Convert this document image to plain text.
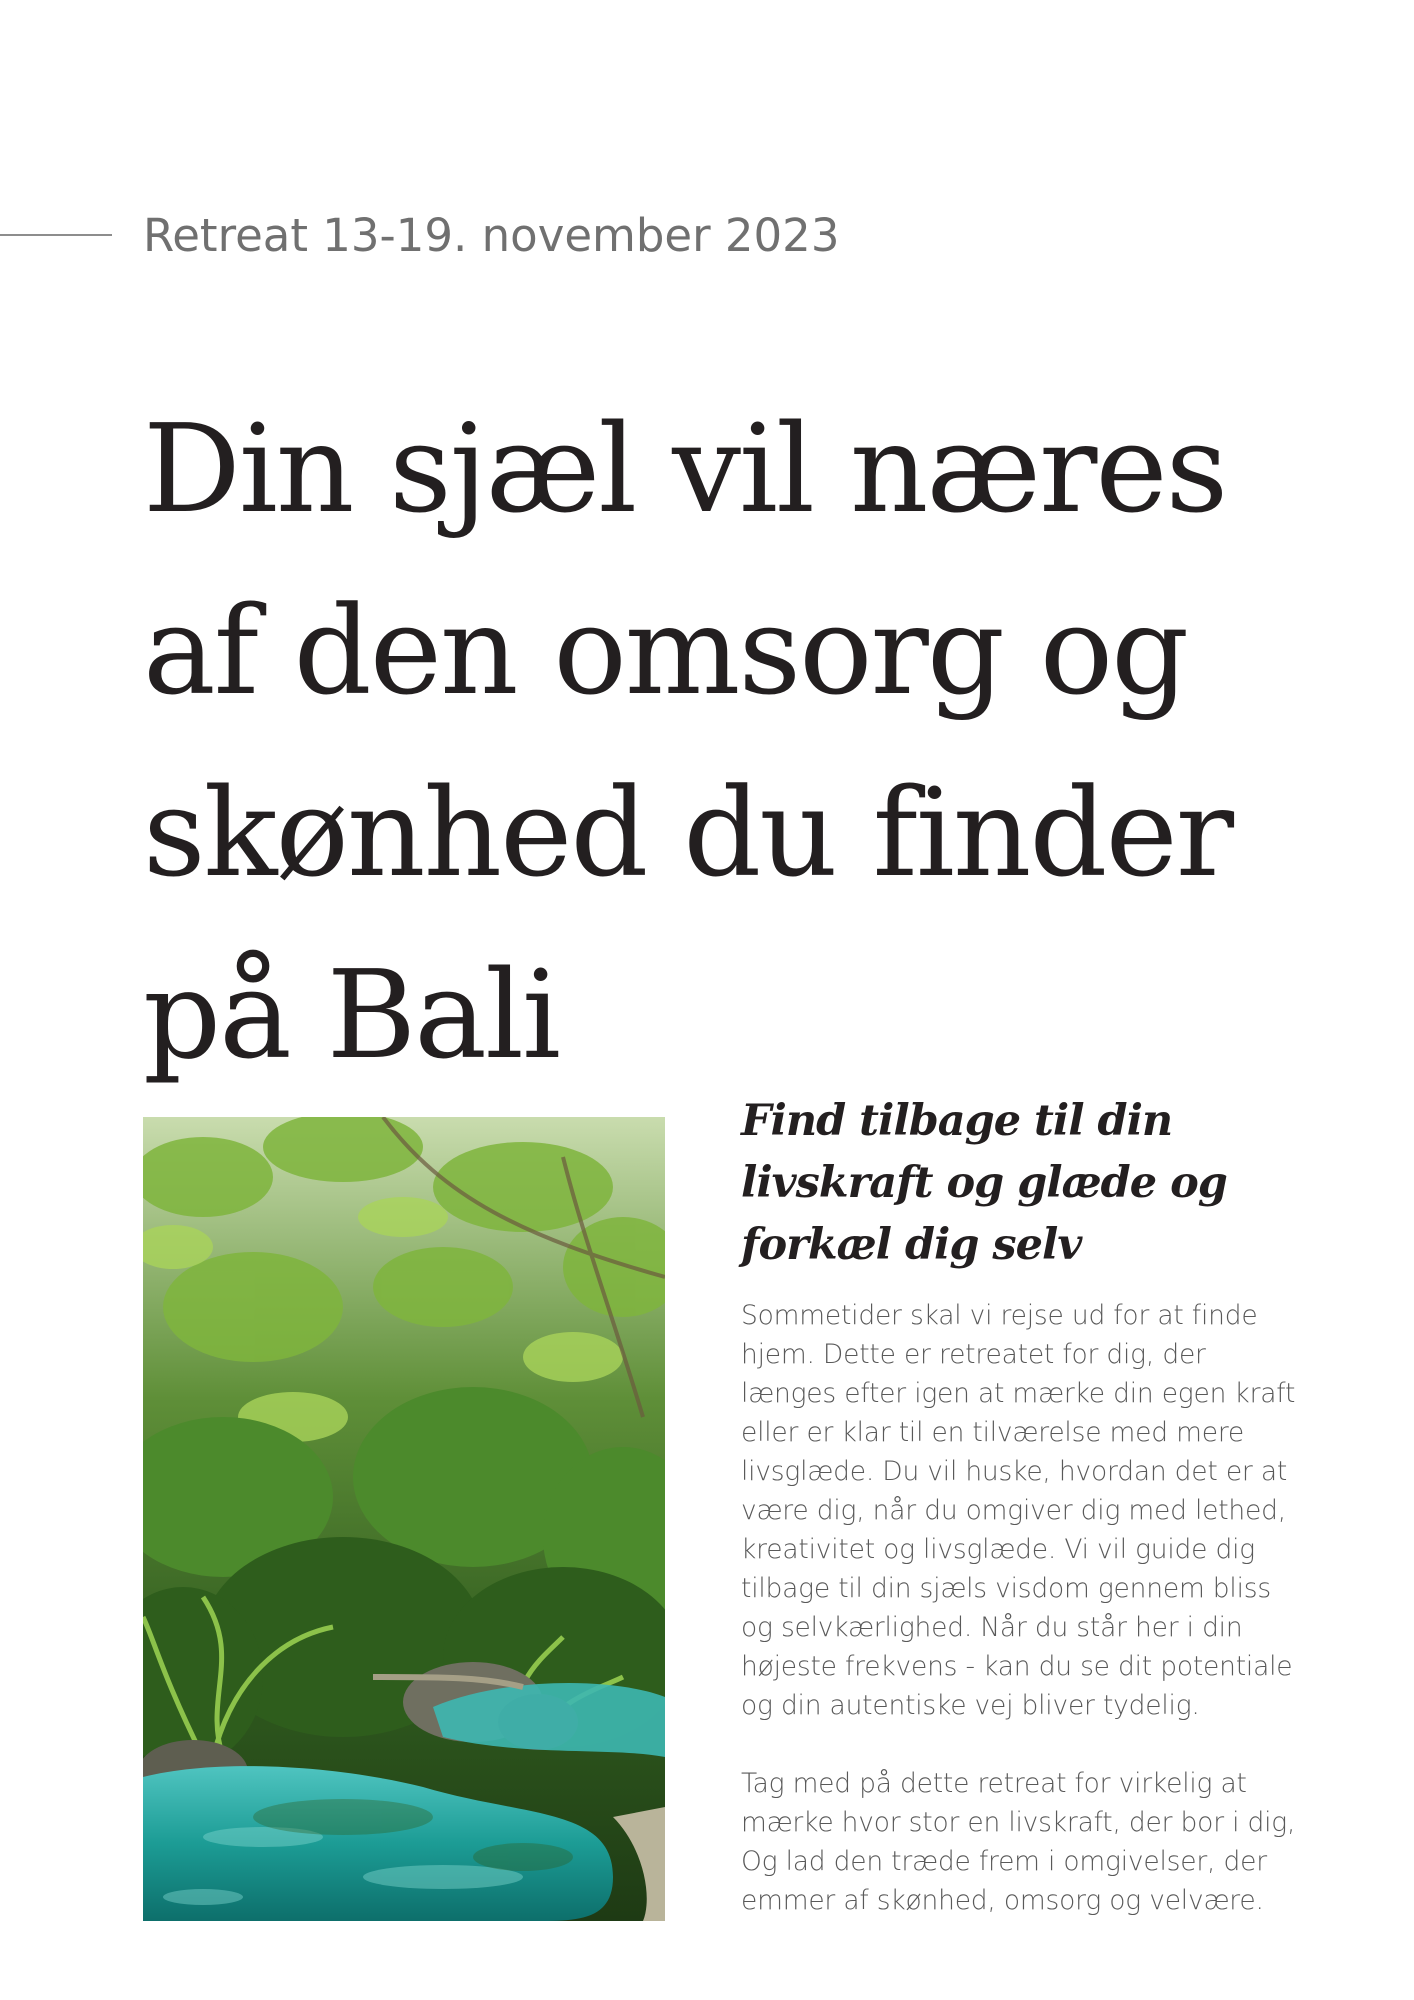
Retreat 13-19. november 2023
Din sjæl vil næres af den omsorg og skønhed du finder på Bali
Find tilbage til din livskraft og glæde og forkæl dig selv

Sommetider skal vi rejse ud for at finde hjem. Dette er retreatet for dig, der længes efter igen at mærke din egen kraft eller er klar til en tilværelse med mere livsglæde. Du vil huske, hvordan det er at være dig, når du omgiver dig med lethed, kreativitet og livsglæde. Vi vil guide dig tilbage til din sjæls visdom gennem bliss og selvkærlighed. Når du står her i din højeste frekvens - kan du se dit potentiale og din autentiske vej bliver tydelig.

Tag med på dette retreat for virkelig at mærke hvor stor en livskraft, der bor i dig, Og lad den træde frem i omgivelser, der emmer af skønhed, omsorg og velvære.
